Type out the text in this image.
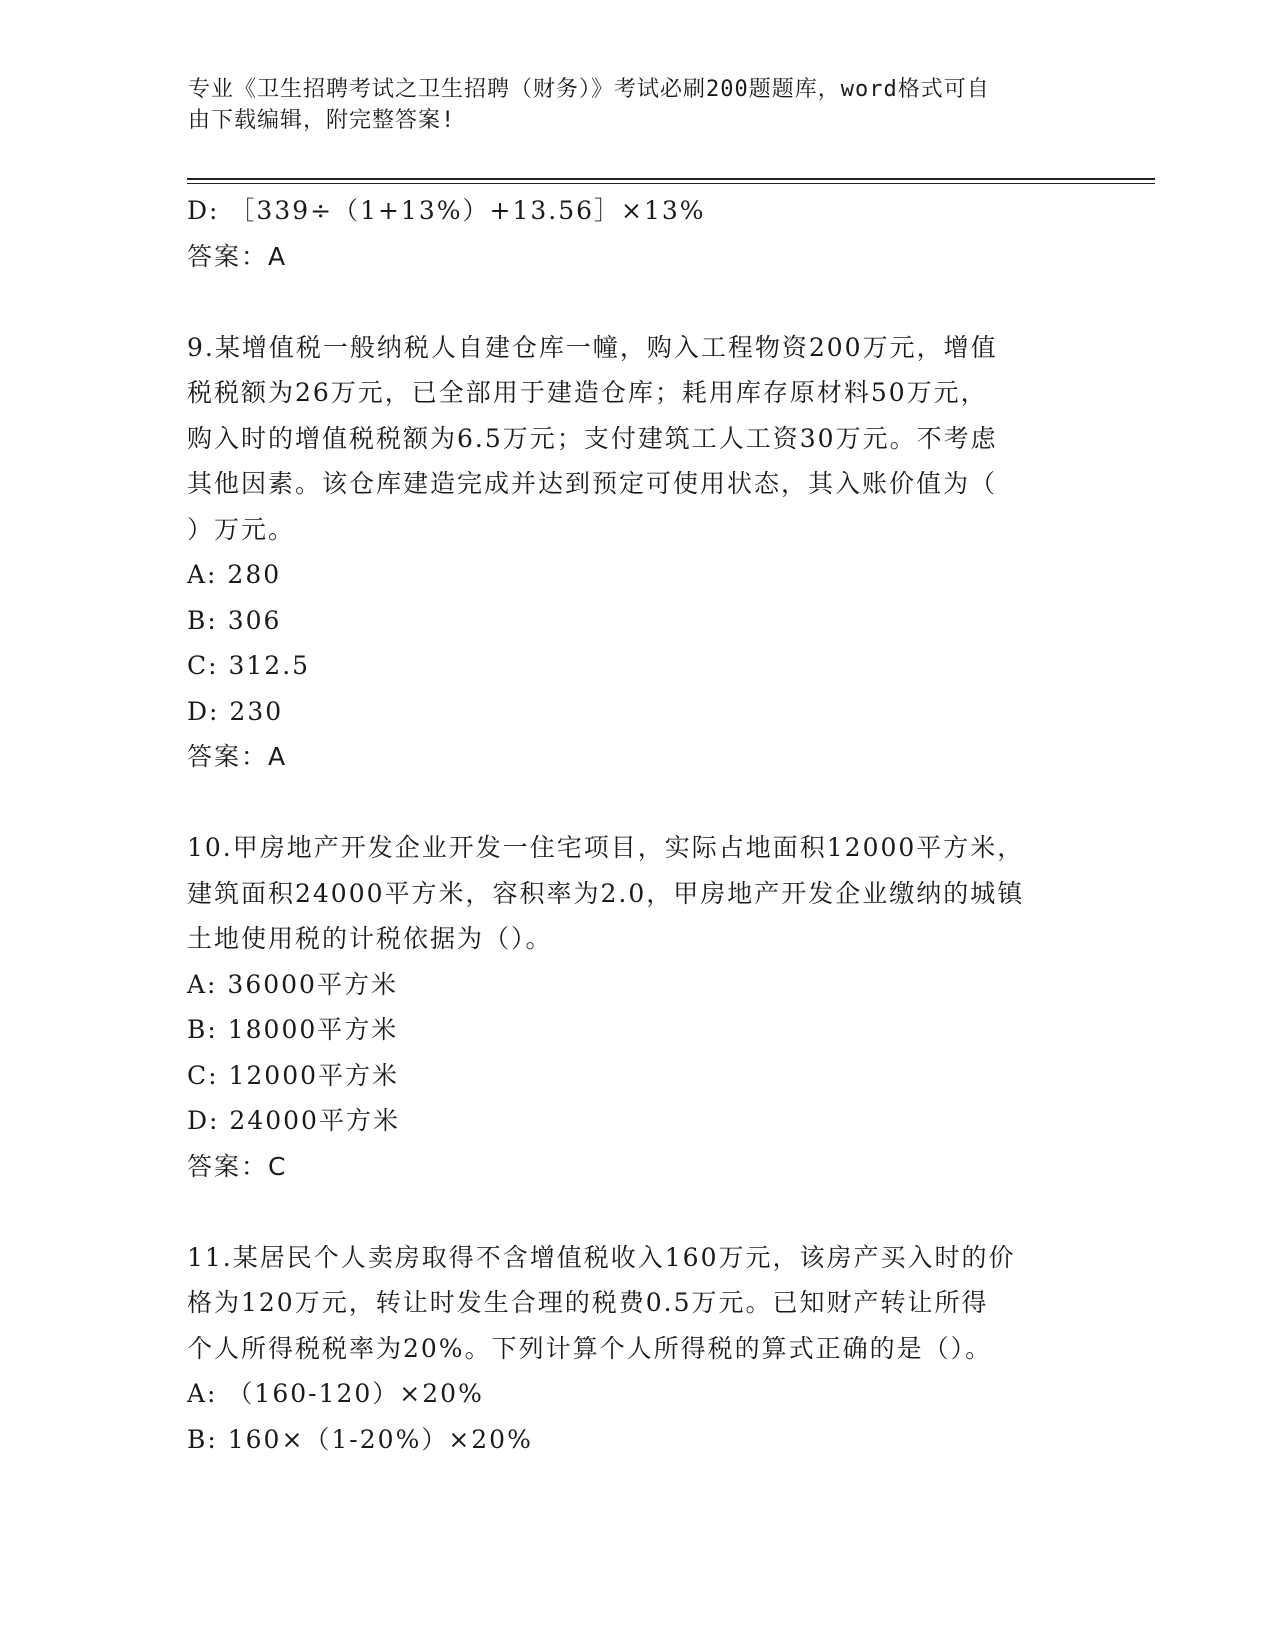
专业《卫生招聘考试之卫生招聘（财务）》考试必刷200题题库，word格式可自
由下载编辑，附完整答案!
D: ［339÷（1+13%）+13.56］×13%
答案：A
9.某增值税一般纳税人自建仓库一幢，购入工程物资200万元，增值
税税额为26万元，已全部用于建造仓库；耗用库存原材料50万元，
购入时的增值税税额为6.5万元；支付建筑工人工资30万元。不考虑
其他因素。该仓库建造完成并达到预定可使用状态，其入账价值为（
）万元。
A: 280
B: 306
C: 312.5
D: 230
答案：A
10.甲房地产开发企业开发一住宅项目，实际占地面积12000平方米，
建筑面积24000平方米，容积率为2.0，甲房地产开发企业缴纳的城镇
土地使用税的计税依据为（）。
A: 36000平方米
B: 18000平方米
C: 12000平方米
D: 24000平方米
答案：C
11.某居民个人卖房取得不含增值税收入160万元，该房产买入时的价
格为120万元，转让时发生合理的税费0.5万元。已知财产转让所得
个人所得税税率为20%。下列计算个人所得税的算式正确的是（）。
A: （160-120）×20%
B: 160×（1-20%）×20%
